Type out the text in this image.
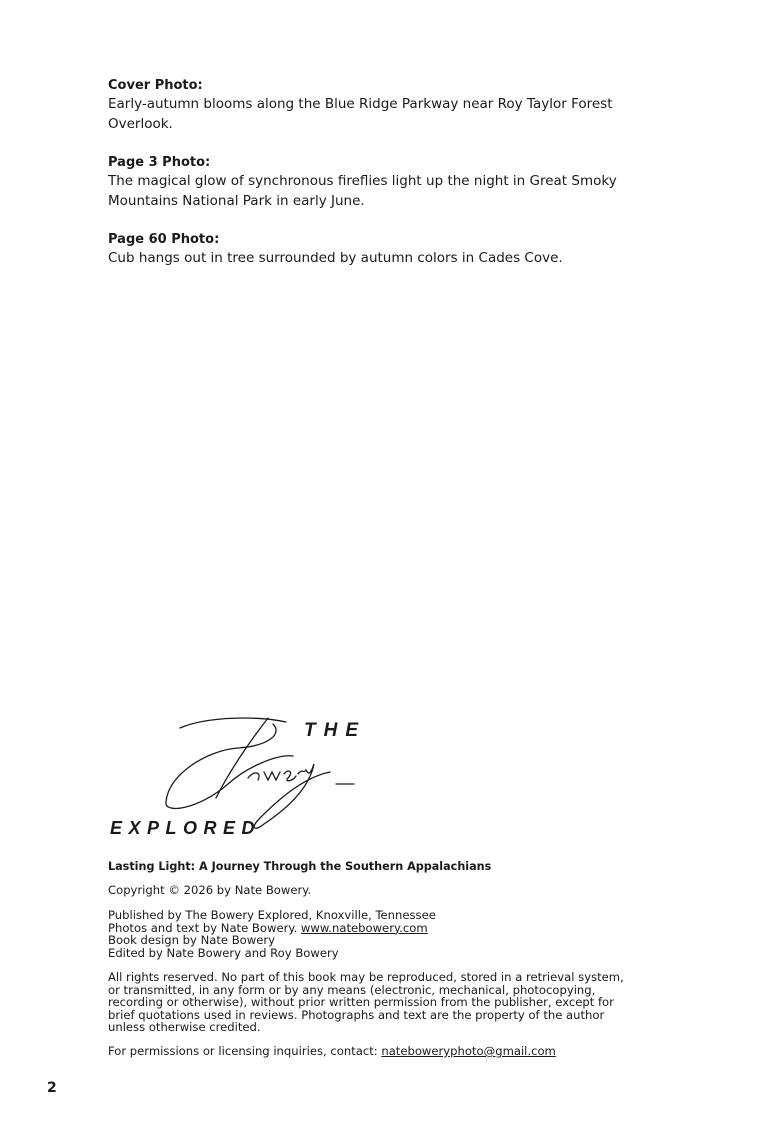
Cover Photo:
Early-autumn blooms along the Blue Ridge Parkway near Roy Taylor Forest Overlook.
Page 3 Photo:
The magical glow of synchronous fireflies light up the night in Great Smoky Mountains National Park in early June.
Page 60 Photo:
Cub hangs out in tree surrounded by autumn colors in Cades Cove.
THE
EXPLORED
Lasting Light: A Journey Through the Southern Appalachians
Copyright © 2026 by Nate Bowery.
Published by The Bowery Explored, Knoxville, Tennessee
Photos and text by Nate Bowery. www.natebowery.com
Book design by Nate Bowery
Edited by Nate Bowery and Roy Bowery
All rights reserved. No part of this book may be reproduced, stored in a retrieval system, or transmitted, in any form or by any means (electronic, mechanical, photocopying, recording or otherwise), without prior written permission from the publisher, except for brief quotations used in reviews. Photographs and text are the property of the author unless otherwise credited.
For permissions or licensing inquiries, contact: nateboweryphoto@gmail.com
2
